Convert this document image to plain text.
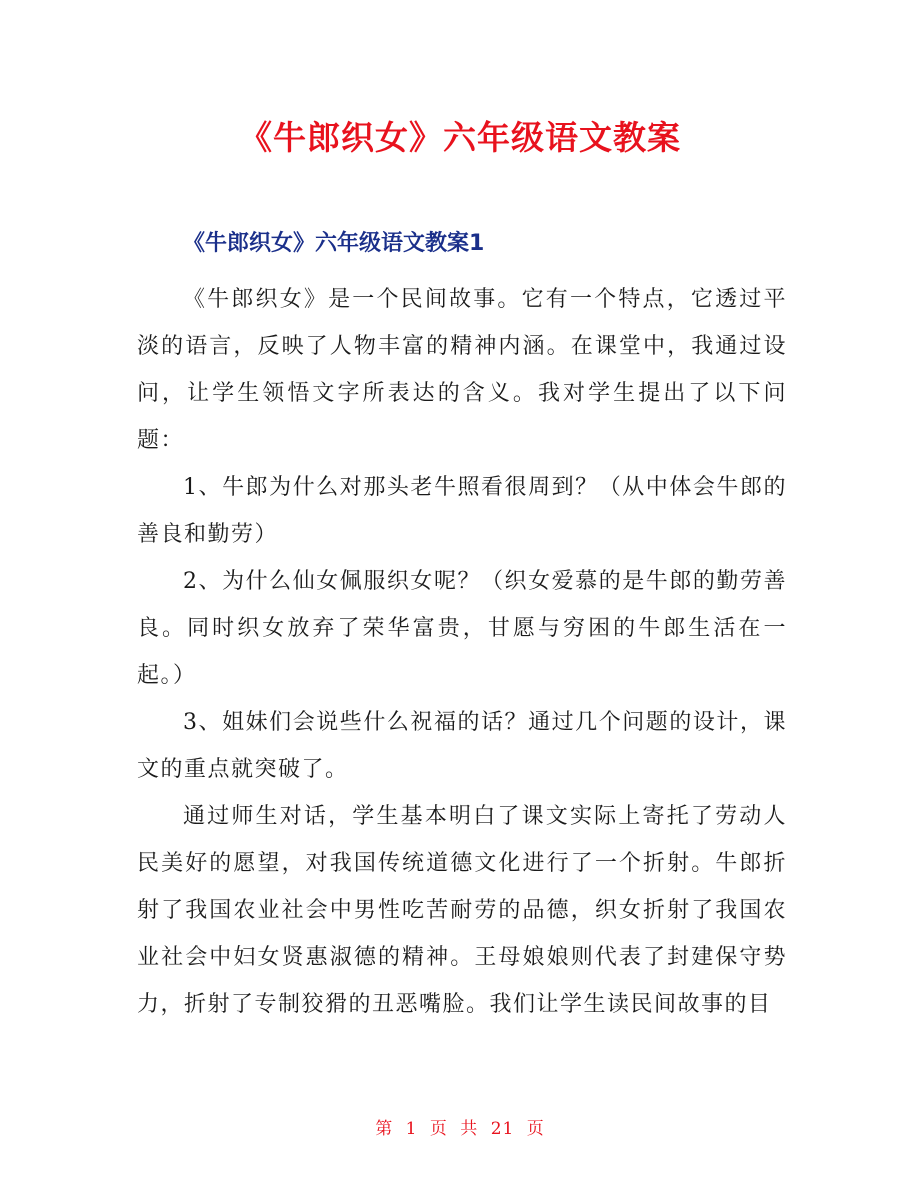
《牛郎织女》六年级语文教案
《牛郎织女》六年级语文教案1

《牛郎织女》是一个民间故事。它有一个特点，它透过平淡的语言，反映了人物丰富的精神内涵。在课堂中，我通过设问，让学生领悟文字所表达的含义。我对学生提出了以下问题：

1、牛郎为什么对那头老牛照看很周到？（从中体会牛郎的善良和勤劳）

2、为什么仙女佩服织女呢？（织女爱慕的是牛郎的勤劳善良。同时织女放弃了荣华富贵，甘愿与穷困的牛郎生活在一起。）

3、姐妹们会说些什么祝福的话？通过几个问题的设计，课文的重点就突破了。

通过师生对话，学生基本明白了课文实际上寄托了劳动人民美好的愿望，对我国传统道德文化进行了一个折射。牛郎折射了我国农业社会中男性吃苦耐劳的品德，织女折射了我国农业社会中妇女贤惠淑德的精神。王母娘娘则代表了封建保守势力，折射了专制狡猾的丑恶嘴脸。我们让学生读民间故事的目

第 1 页 共 21 页
